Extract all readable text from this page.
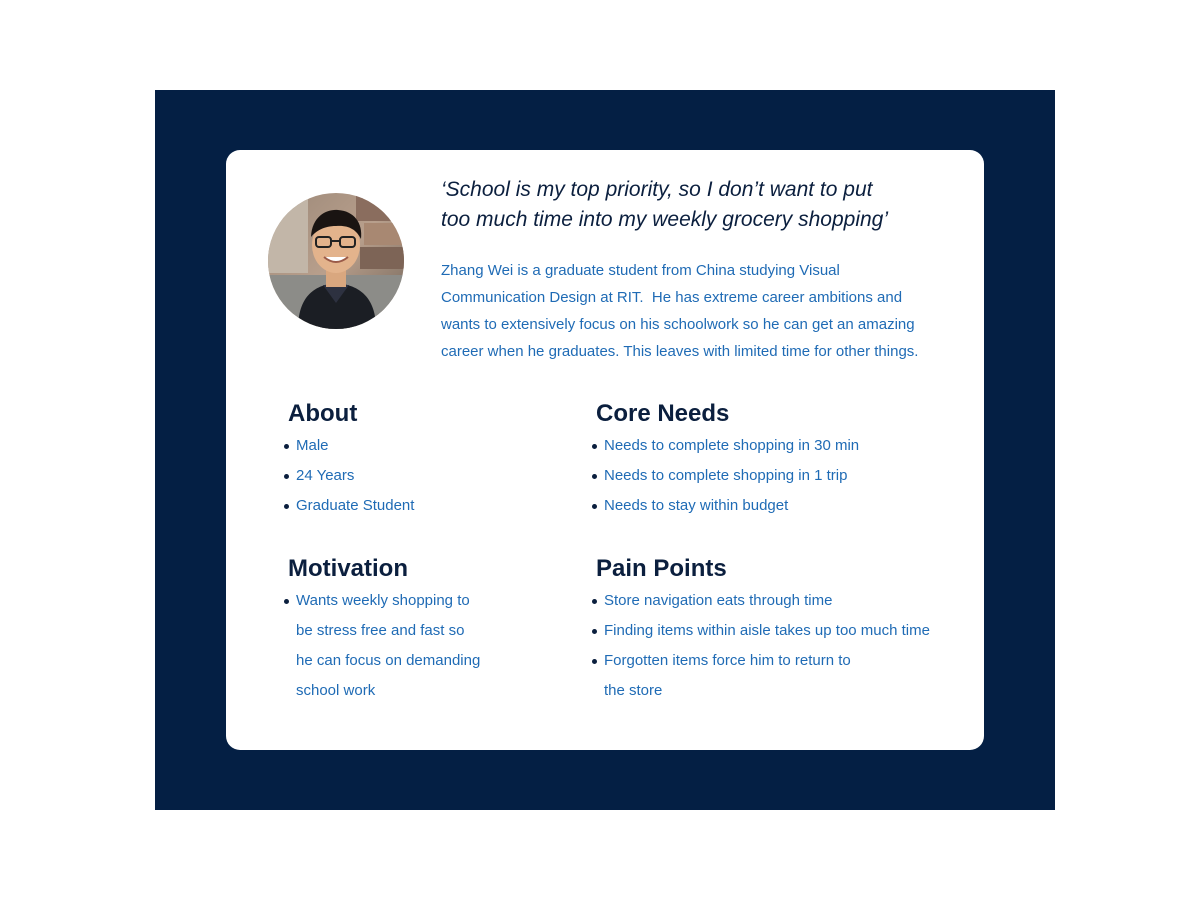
‘School is my top priority, so I don’t want to put
too much time into my weekly grocery shopping’

Zhang Wei is a graduate student from China studying Visual
Communication Design at RIT.  He has extreme career ambitions and
wants to extensively focus on his schoolwork so he can get an amazing
career when he graduates. This leaves with limited time for other things.

About
Male
24 Years
Graduate Student
Core Needs
Needs to complete shopping in 30 min
Needs to complete shopping in 1 trip
Needs to stay within budget
Motivation
Wants weekly shopping to
be stress free and fast so
he can focus on demanding
school work
Pain Points
Store navigation eats through time
Finding items within aisle takes up too much time
Forgotten items force him to return to
the store
